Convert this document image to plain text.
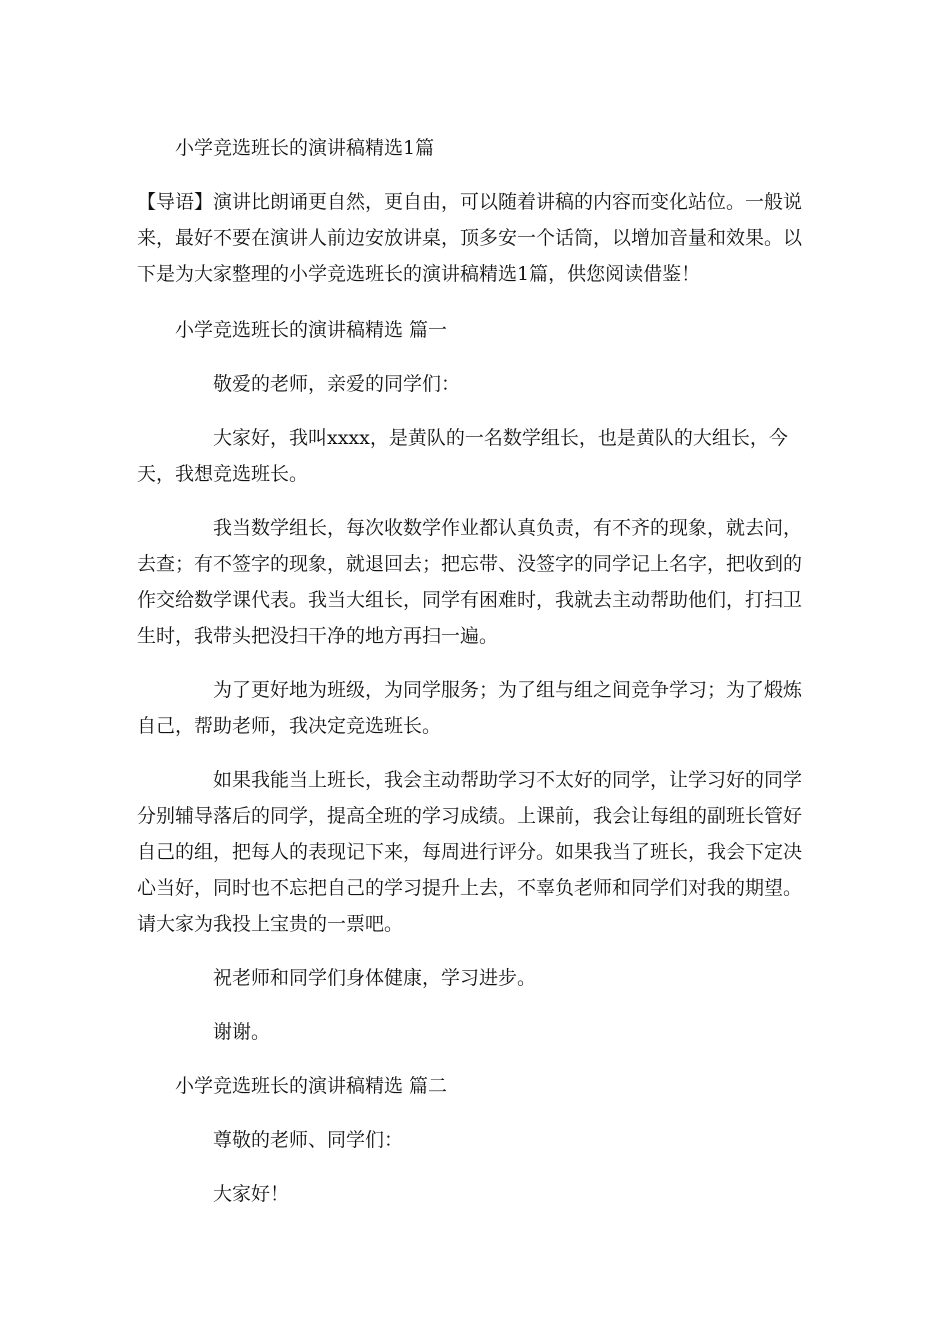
小学竞选班长的演讲稿精选1篇

【导语】演讲比朗诵更自然，更自由，可以随着讲稿的内容而变化站位。一般说来，最好不要在演讲人前边安放讲桌，顶多安一个话筒，以增加音量和效果。以下是为大家整理的小学竞选班长的演讲稿精选1篇，供您阅读借鉴！

小学竞选班长的演讲稿精选 篇一

敬爱的老师，亲爱的同学们：

大家好，我叫xxxx，是黄队的一名数学组长，也是黄队的大组长，今天，我想竞选班长。

我当数学组长，每次收数学作业都认真负责，有不齐的现象，就去问，去查；有不签字的现象，就退回去；把忘带、没签字的同学记上名字，把收到的作交给数学课代表。我当大组长，同学有困难时，我就去主动帮助他们，打扫卫生时，我带头把没扫干净的地方再扫一遍。

为了更好地为班级，为同学服务；为了组与组之间竞争学习；为了煅炼自己，帮助老师，我决定竞选班长。

如果我能当上班长，我会主动帮助学习不太好的同学，让学习好的同学分别辅导落后的同学，提高全班的学习成绩。上课前，我会让每组的副班长管好自己的组，把每人的表现记下来，每周进行评分。如果我当了班长，我会下定决心当好，同时也不忘把自己的学习提升上去，不辜负老师和同学们对我的期望。请大家为我投上宝贵的一票吧。

祝老师和同学们身体健康，学习进步。

谢谢。

小学竞选班长的演讲稿精选 篇二

尊敬的老师、同学们：

大家好！
